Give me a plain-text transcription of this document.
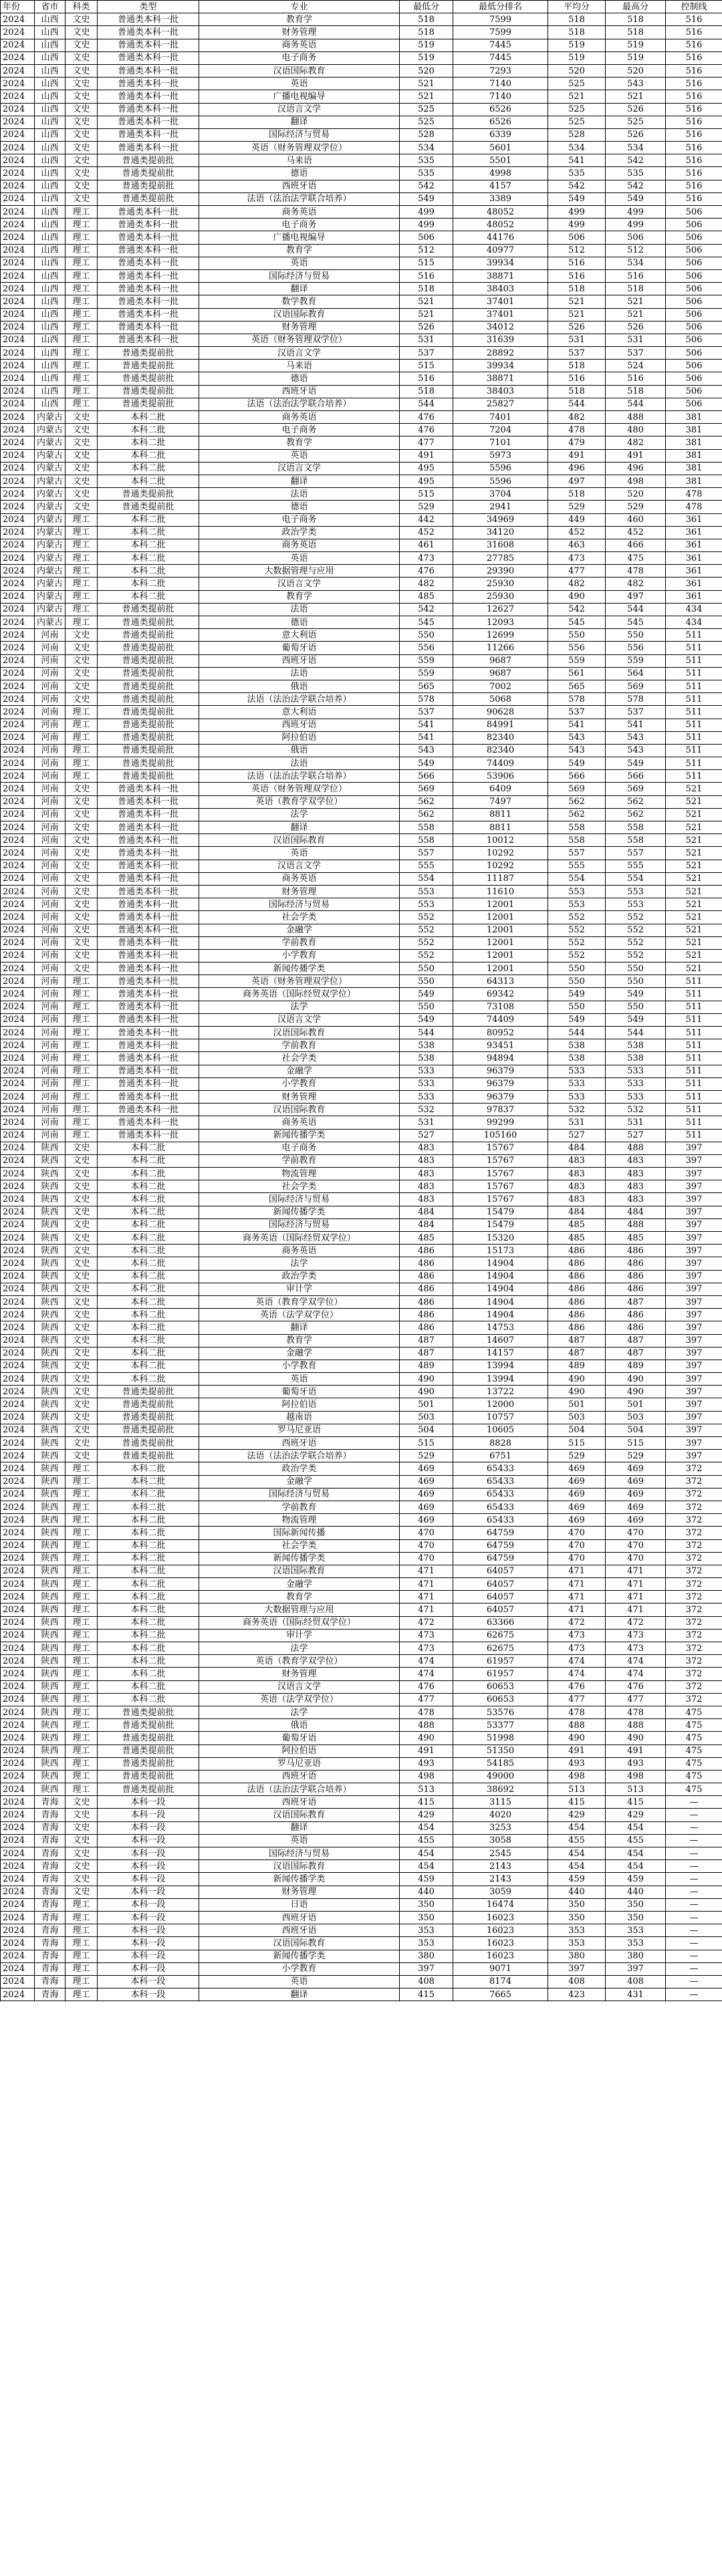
年份	省市	科类	类型	专业	最低分	最低分排名	平均分	最高分	控制线
2024	山西	文史	普通类本科一批	教育学	518	7599	518	518	516
2024	山西	文史	普通类本科一批	财务管理	518	7599	518	518	516
2024	山西	文史	普通类本科一批	商务英语	519	7445	519	519	516
2024	山西	文史	普通类本科一批	电子商务	519	7445	519	519	516
2024	山西	文史	普通类本科一批	汉语国际教育	520	7293	520	520	516
2024	山西	文史	普通类本科一批	英语	521	7140	525	543	516
2024	山西	文史	普通类本科一批	广播电视编导	521	7140	521	521	516
2024	山西	文史	普通类本科一批	汉语言文学	525	6526	525	526	516
2024	山西	文史	普通类本科一批	翻译	525	6526	525	525	516
2024	山西	文史	普通类本科一批	国际经济与贸易	528	6339	528	526	516
2024	山西	文史	普通类本科一批	英语（财务管理双学位）	534	5601	534	534	516
2024	山西	文史	普通类提前批	马来语	535	5501	541	542	516
2024	山西	文史	普通类提前批	德语	535	4998	535	535	516
2024	山西	文史	普通类提前批	西班牙语	542	4157	542	542	516
2024	山西	文史	普通类提前批	法语（法治法学联合培养）	549	3389	549	549	516
2024	山西	理工	普通类本科一批	商务英语	499	48052	499	499	506
2024	山西	理工	普通类本科一批	电子商务	499	48052	499	499	506
2024	山西	理工	普通类本科一批	广播电视编导	506	44176	506	506	506
2024	山西	理工	普通类本科一批	教育学	512	40977	512	512	506
2024	山西	理工	普通类本科一批	英语	515	39934	516	534	506
2024	山西	理工	普通类本科一批	国际经济与贸易	516	38871	516	516	506
2024	山西	理工	普通类本科一批	翻译	518	38403	518	518	506
2024	山西	理工	普通类本科一批	数学教育	521	37401	521	521	506
2024	山西	理工	普通类本科一批	汉语国际教育	521	37401	521	521	506
2024	山西	理工	普通类本科一批	财务管理	526	34012	526	526	506
2024	山西	理工	普通类本科一批	英语（财务管理双学位）	531	31639	531	531	506
2024	山西	理工	普通类提前批	汉语言文学	537	28892	537	537	506
2024	山西	理工	普通类提前批	马来语	515	39934	518	524	506
2024	山西	理工	普通类提前批	德语	516	38871	516	516	506
2024	山西	理工	普通类提前批	西班牙语	518	38403	518	518	506
2024	山西	理工	普通类提前批	法语（法治法学联合培养）	544	25827	544	544	506
2024	内蒙古	文史	本科二批	商务英语	476	7401	482	488	381
2024	内蒙古	文史	本科二批	电子商务	476	7204	478	480	381
2024	内蒙古	文史	本科二批	教育学	477	7101	479	482	381
2024	内蒙古	文史	本科二批	英语	491	5973	491	491	381
2024	内蒙古	文史	本科二批	汉语言文学	495	5596	496	496	381
2024	内蒙古	文史	本科二批	翻译	495	5596	497	498	381
2024	内蒙古	文史	普通类提前批	法语	515	3704	518	520	478
2024	内蒙古	文史	普通类提前批	德语	529	2941	529	529	478
2024	内蒙古	理工	本科二批	电子商务	442	34969	449	460	361
2024	内蒙古	理工	本科二批	政治学类	452	34120	452	452	361
2024	内蒙古	理工	本科二批	商务英语	461	31608	463	466	361
2024	内蒙古	理工	本科二批	英语	473	27785	473	475	361
2024	内蒙古	理工	本科二批	大数据管理与应用	476	29390	477	478	361
2024	内蒙古	理工	本科二批	汉语言文学	482	25930	482	482	361
2024	内蒙古	理工	本科二批	教育学	485	25930	490	497	361
2024	内蒙古	理工	普通类提前批	法语	542	12627	542	544	434
2024	内蒙古	理工	普通类提前批	德语	545	12093	545	545	434
2024	河南	文史	普通类提前批	意大利语	550	12699	550	550	511
2024	河南	文史	普通类提前批	葡萄牙语	556	11266	556	556	511
2024	河南	文史	普通类提前批	西班牙语	559	9687	559	559	511
2024	河南	文史	普通类提前批	法语	559	9687	561	564	511
2024	河南	文史	普通类提前批	俄语	565	7002	565	569	511
2024	河南	文史	普通类提前批	法语（法治法学联合培养）	578	5068	578	578	511
2024	河南	理工	普通类提前批	意大利语	537	90628	537	537	511
2024	河南	理工	普通类提前批	西班牙语	541	84991	541	541	511
2024	河南	理工	普通类提前批	阿拉伯语	541	82340	543	543	511
2024	河南	理工	普通类提前批	俄语	543	82340	543	543	511
2024	河南	理工	普通类提前批	法语	549	74409	549	549	511
2024	河南	理工	普通类提前批	法语（法治法学联合培养）	566	53906	566	566	511
2024	河南	文史	普通类本科一批	英语（财务管理双学位）	569	6409	569	569	521
2024	河南	文史	普通类本科一批	英语（教育学双学位）	562	7497	562	562	521
2024	河南	文史	普通类本科一批	法学	562	8811	562	562	521
2024	河南	文史	普通类本科一批	翻译	558	8811	558	558	521
2024	河南	文史	普通类本科一批	汉语国际教育	558	10012	558	558	521
2024	河南	文史	普通类本科一批	英语	557	10292	557	557	521
2024	河南	文史	普通类本科一批	汉语言文学	555	10292	555	555	521
2024	河南	文史	普通类本科一批	商务英语	554	11187	554	554	521
2024	河南	文史	普通类本科一批	财务管理	553	11610	553	553	521
2024	河南	文史	普通类本科一批	国际经济与贸易	553	12001	553	553	521
2024	河南	文史	普通类本科一批	社会学类	552	12001	552	552	521
2024	河南	文史	普通类本科一批	金融学	552	12001	552	552	521
2024	河南	文史	普通类本科一批	学前教育	552	12001	552	552	521
2024	河南	文史	普通类本科一批	小学教育	552	12001	552	552	521
2024	河南	文史	普通类本科一批	新闻传播学类	550	12001	550	550	521
2024	河南	理工	普通类本科一批	英语（财务管理双学位）	550	64313	550	550	511
2024	河南	理工	普通类本科一批	商务英语（国际经贸双学位）	549	69342	549	549	511
2024	河南	理工	普通类本科一批	法学	550	73108	550	550	511
2024	河南	理工	普通类本科一批	汉语言文学	549	74409	549	549	511
2024	河南	理工	普通类本科一批	汉语国际教育	544	80952	544	544	511
2024	河南	理工	普通类本科一批	学前教育	538	93451	538	538	511
2024	河南	理工	普通类本科一批	社会学类	538	94894	538	538	511
2024	河南	理工	普通类本科一批	金融学	533	96379	533	533	511
2024	河南	理工	普通类本科一批	小学教育	533	96379	533	533	511
2024	河南	理工	普通类本科一批	财务管理	533	96379	533	533	511
2024	河南	理工	普通类本科一批	汉语国际教育	532	97837	532	532	511
2024	河南	理工	普通类本科一批	商务英语	531	99299	531	531	511
2024	河南	理工	普通类本科一批	新闻传播学类	527	105160	527	527	511
2024	陕西	文史	本科二批	电子商务	483	15767	484	488	397
2024	陕西	文史	本科二批	学前教育	483	15767	483	483	397
2024	陕西	文史	本科二批	物流管理	483	15767	483	483	397
2024	陕西	文史	本科二批	社会学类	483	15767	483	483	397
2024	陕西	文史	本科二批	国际经济与贸易	483	15767	483	483	397
2024	陕西	文史	本科二批	新闻传播学类	484	15479	484	484	397
2024	陕西	文史	本科二批	国际经济与贸易	484	15479	485	488	397
2024	陕西	文史	本科二批	商务英语（国际经贸双学位）	485	15320	485	485	397
2024	陕西	文史	本科二批	商务英语	486	15173	486	486	397
2024	陕西	文史	本科二批	法学	486	14904	486	486	397
2024	陕西	文史	本科二批	政治学类	486	14904	486	486	397
2024	陕西	文史	本科二批	审计学	486	14904	486	486	397
2024	陕西	文史	本科二批	英语（教育学双学位）	486	14904	486	487	397
2024	陕西	文史	本科二批	英语（法学双学位）	486	14904	486	486	397
2024	陕西	文史	本科二批	翻译	486	14753	486	486	397
2024	陕西	文史	本科二批	教育学	487	14607	487	487	397
2024	陕西	文史	本科二批	金融学	487	14157	487	487	397
2024	陕西	文史	本科二批	小学教育	489	13994	489	489	397
2024	陕西	文史	本科二批	英语	490	13994	490	490	397
2024	陕西	文史	普通类提前批	葡萄牙语	490	13722	490	490	397
2024	陕西	文史	普通类提前批	阿拉伯语	501	12000	501	501	397
2024	陕西	文史	普通类提前批	越南语	503	10757	503	503	397
2024	陕西	文史	普通类提前批	罗马尼亚语	504	10605	504	504	397
2024	陕西	文史	普通类提前批	西班牙语	515	8828	515	515	397
2024	陕西	文史	普通类提前批	法语（法治法学联合培养）	529	6751	529	529	397
2024	陕西	理工	本科二批	政治学类	469	65433	469	469	372
2024	陕西	理工	本科二批	金融学	469	65433	469	469	372
2024	陕西	理工	本科二批	国际经济与贸易	469	65433	469	469	372
2024	陕西	理工	本科二批	学前教育	469	65433	469	469	372
2024	陕西	理工	本科二批	物流管理	469	65433	469	469	372
2024	陕西	理工	本科二批	国际新闻传播	470	64759	470	470	372
2024	陕西	理工	本科二批	社会学类	470	64759	470	470	372
2024	陕西	理工	本科二批	新闻传播学类	470	64759	470	470	372
2024	陕西	理工	本科二批	汉语国际教育	471	64057	471	471	372
2024	陕西	理工	本科二批	金融学	471	64057	471	471	372
2024	陕西	理工	本科二批	教育学	471	64057	471	471	372
2024	陕西	理工	本科二批	大数据管理与应用	471	64057	471	471	372
2024	陕西	理工	本科二批	商务英语（国际经贸双学位）	472	63366	472	472	372
2024	陕西	理工	本科二批	审计学	473	62675	473	473	372
2024	陕西	理工	本科二批	法学	473	62675	473	473	372
2024	陕西	理工	本科二批	英语（教育学双学位）	474	61957	474	474	372
2024	陕西	理工	本科二批	财务管理	474	61957	474	474	372
2024	陕西	理工	本科二批	汉语言文学	476	60653	476	476	372
2024	陕西	理工	本科二批	英语（法学双学位）	477	60653	477	477	372
2024	陕西	理工	普通类提前批	法学	478	53576	478	478	475
2024	陕西	理工	普通类提前批	俄语	488	53377	488	488	475
2024	陕西	理工	普通类提前批	葡萄牙语	490	51998	490	490	475
2024	陕西	理工	普通类提前批	阿拉伯语	491	51350	491	491	475
2024	陕西	理工	普通类提前批	罗马尼亚语	493	54185	493	493	475
2024	陕西	理工	普通类提前批	西班牙语	498	49000	498	498	475
2024	陕西	理工	普通类提前批	法语（法治法学联合培养）	513	38692	513	513	475
2024	青海	文史	本科一段	西班牙语	415	3115	415	415	—
2024	青海	文史	本科一段	汉语国际教育	429	4020	429	429	—
2024	青海	文史	本科一段	翻译	454	3253	454	454	—
2024	青海	文史	本科一段	英语	455	3058	455	455	—
2024	青海	文史	本科一段	国际经济与贸易	454	2545	454	454	—
2024	青海	文史	本科一段	汉语国际教育	454	2143	454	454	—
2024	青海	文史	本科一段	新闻传播学类	459	2143	459	459	—
2024	青海	文史	本科一段	财务管理	440	3059	440	440	—
2024	青海	理工	本科一段	日语	350	16474	350	350	—
2024	青海	理工	本科一段	西班牙语	350	16023	350	350	—
2024	青海	理工	本科一段	西班牙语	353	16023	353	353	—
2024	青海	理工	本科一段	汉语国际教育	353	16023	353	353	—
2024	青海	理工	本科一段	新闻传播学类	380	16023	380	380	—
2024	青海	理工	本科一段	小学教育	397	9071	397	397	—
2024	青海	理工	本科一段	英语	408	8174	408	408	—
2024	青海	理工	本科一段	翻译	415	7665	423	431	—
